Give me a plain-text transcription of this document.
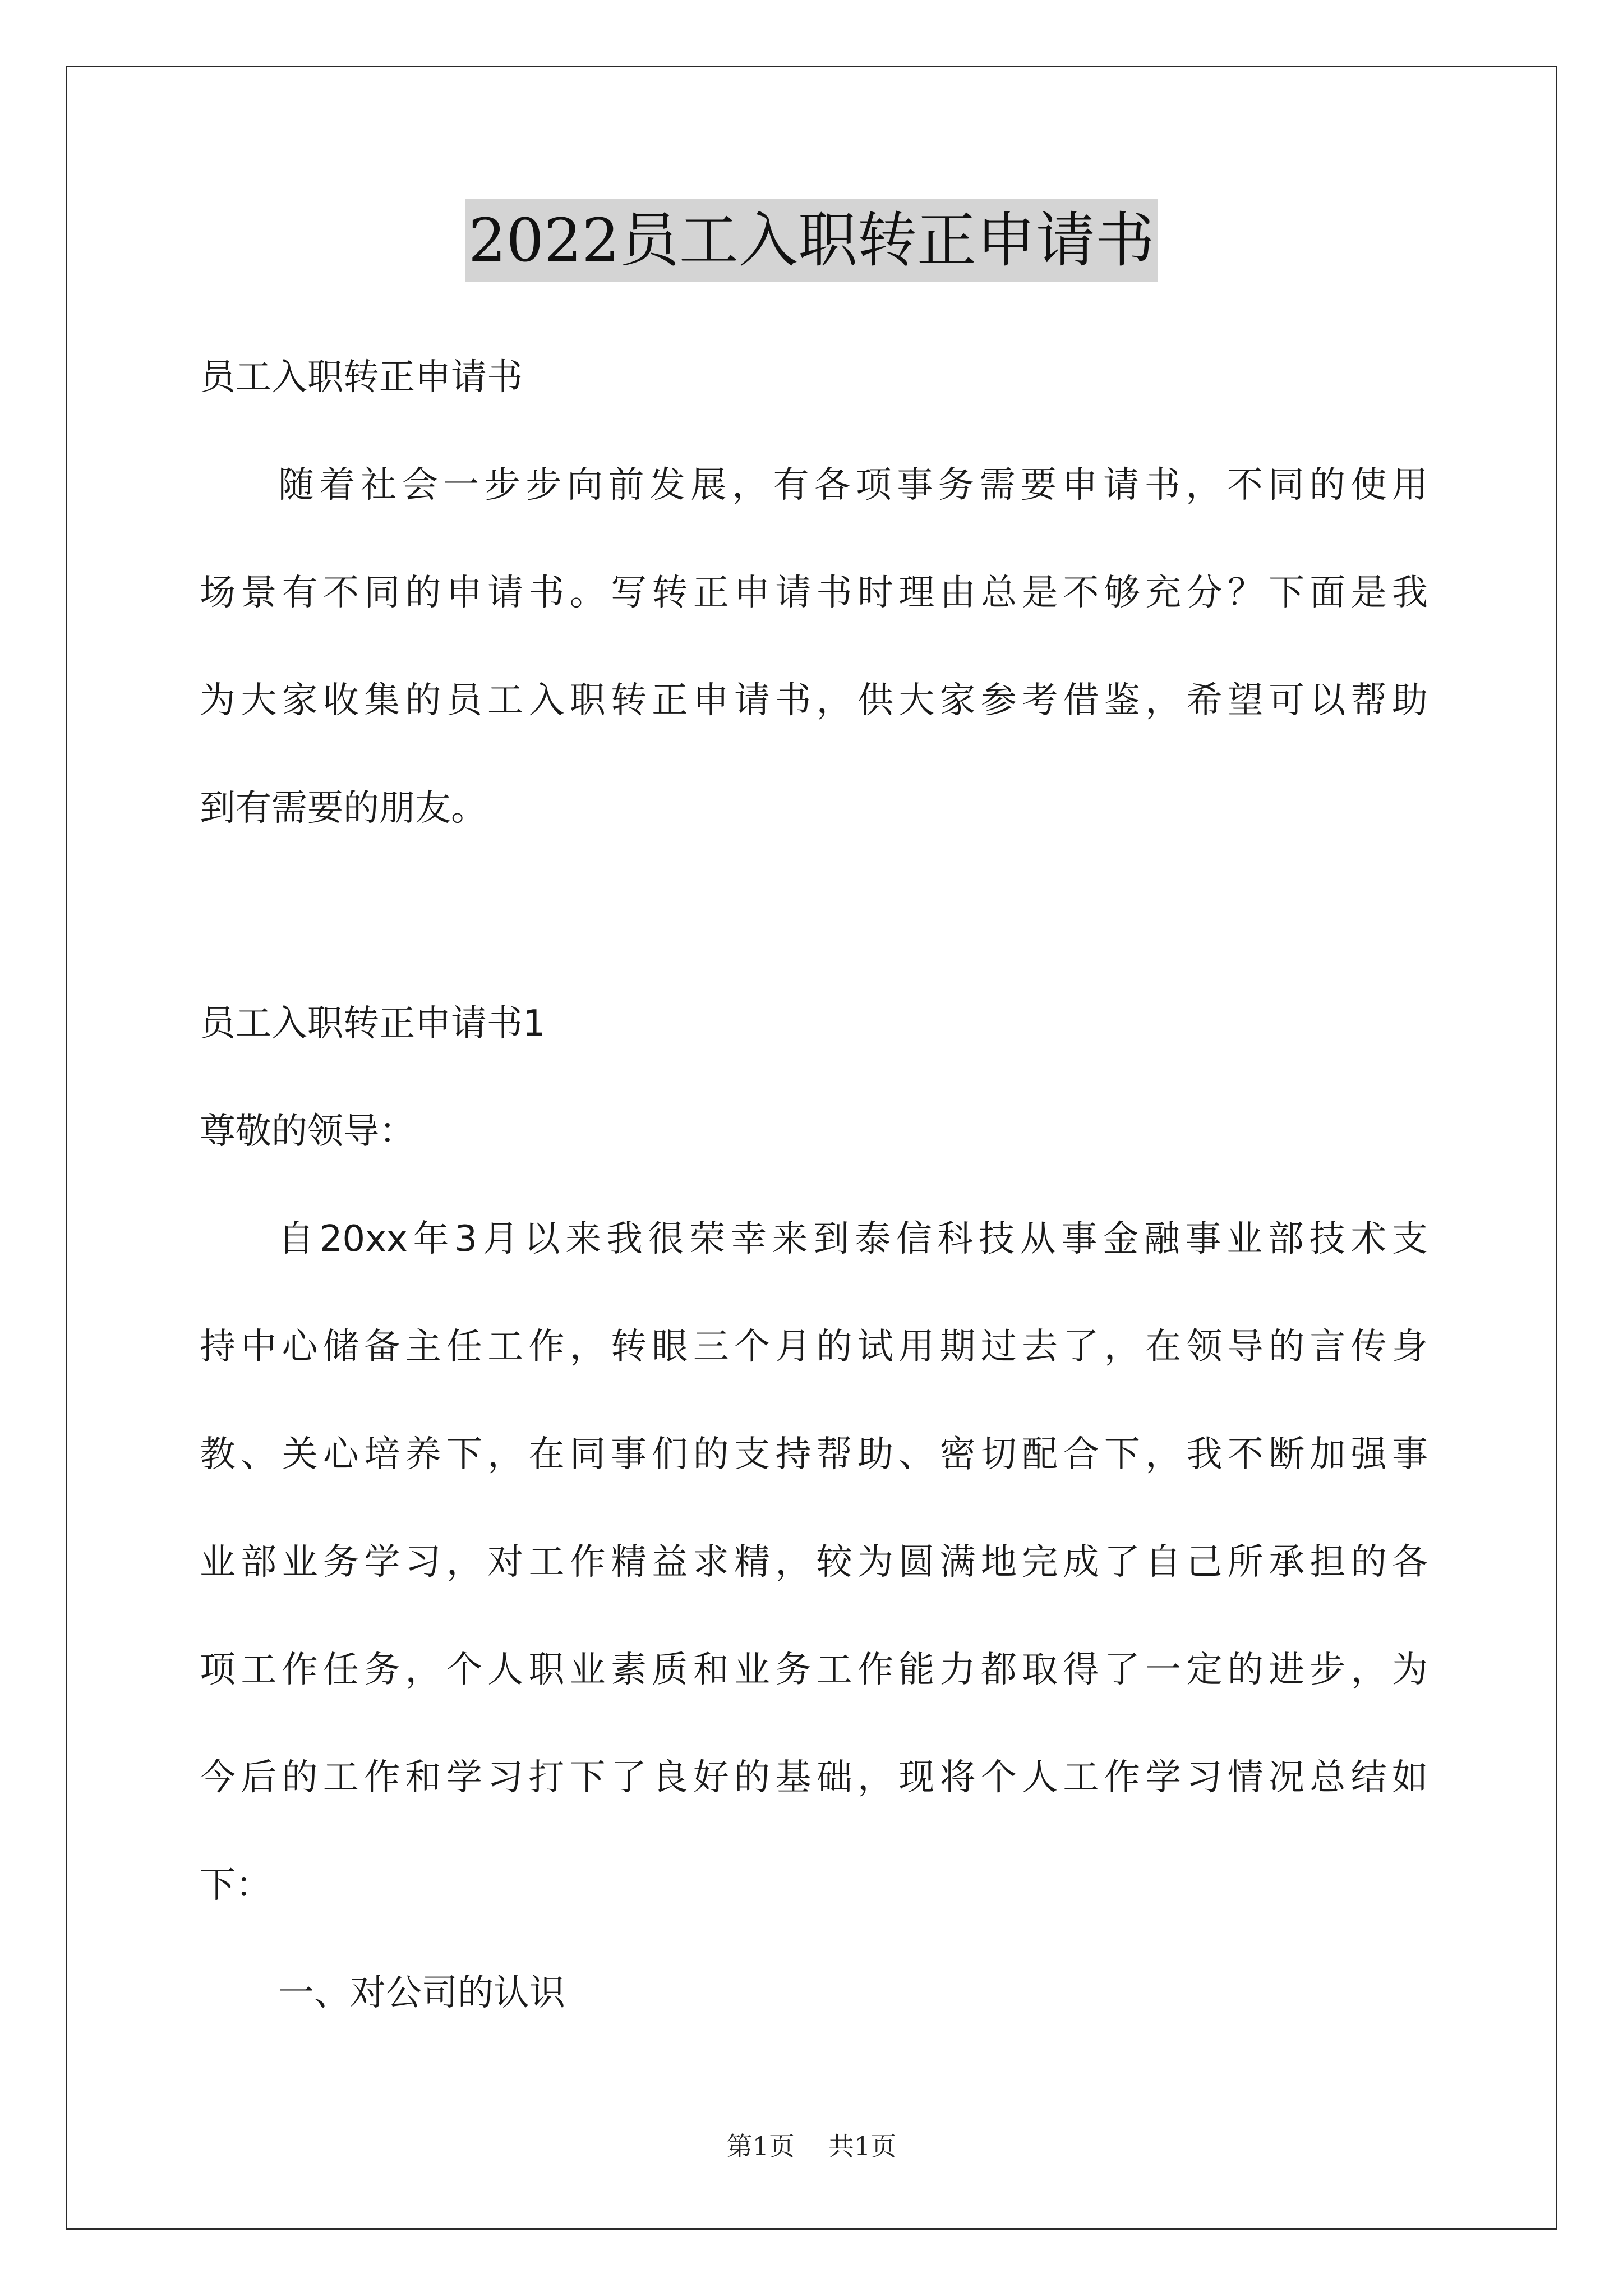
2022员工入职转正申请书
员工入职转正申请书
随着社会一步步向前发展，有各项事务需要申请书，不同的使用
场景有不同的申请书。写转正申请书时理由总是不够充分？下面是我
为大家收集的员工入职转正申请书，供大家参考借鉴，希望可以帮助
到有需要的朋友。
员工入职转正申请书1
尊敬的领导：
自20xx年3月以来我很荣幸来到泰信科技从事金融事业部技术支
持中心储备主任工作，转眼三个月的试用期过去了，在领导的言传身
教、关心培养下，在同事们的支持帮助、密切配合下，我不断加强事
业部业务学习，对工作精益求精，较为圆满地完成了自己所承担的各
项工作任务，个人职业素质和业务工作能力都取得了一定的进步，为
今后的工作和学习打下了良好的基础，现将个人工作学习情况总结如
下：
一、对公司的认识
第1页 共1页
